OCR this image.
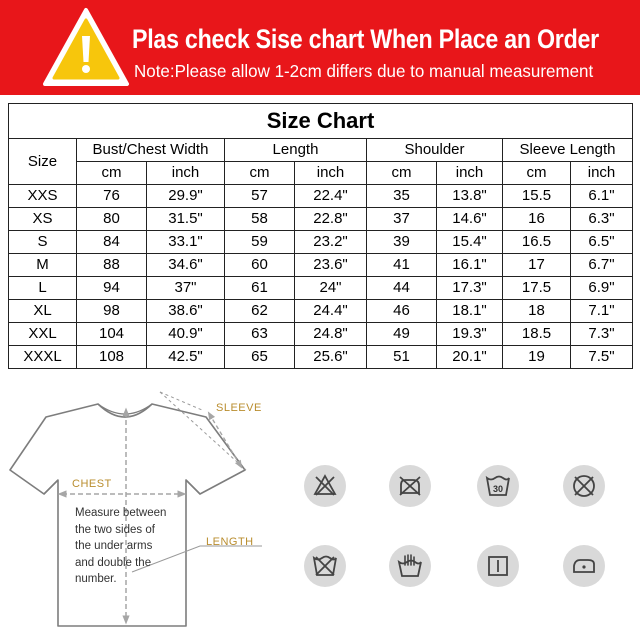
Plas check Sise chart When Place an Order
Note:Please allow 1-2cm differs due to manual measurement
Size Chart								
Size	Bust/Chest Width		Length		Shoulder		Sleeve Length	
	cm	inch	cm	inch	cm	inch	cm	inch
XXS	76	29.9"	57	22.4"	35	13.8"	15.5	6.1"
XS	80	31.5"	58	22.8"	37	14.6"	16	6.3"
S	84	33.1"	59	23.2"	39	15.4"	16.5	6.5"
M	88	34.6"	60	23.6"	41	16.1"	17	6.7"
L	94	37"	61	24"	44	17.3"	17.5	6.9"
XL	98	38.6"	62	24.4"	46	18.1"	18	7.1"
XXL	104	40.9"	63	24.8"	49	19.3"	18.5	7.3"
XXXL	108	42.5"	65	25.6"	51	20.1"	19	7.5"
SLEEVE
CHEST
LENGTH
Measure between
the two sides of
the under arms
and double the
number.
30
